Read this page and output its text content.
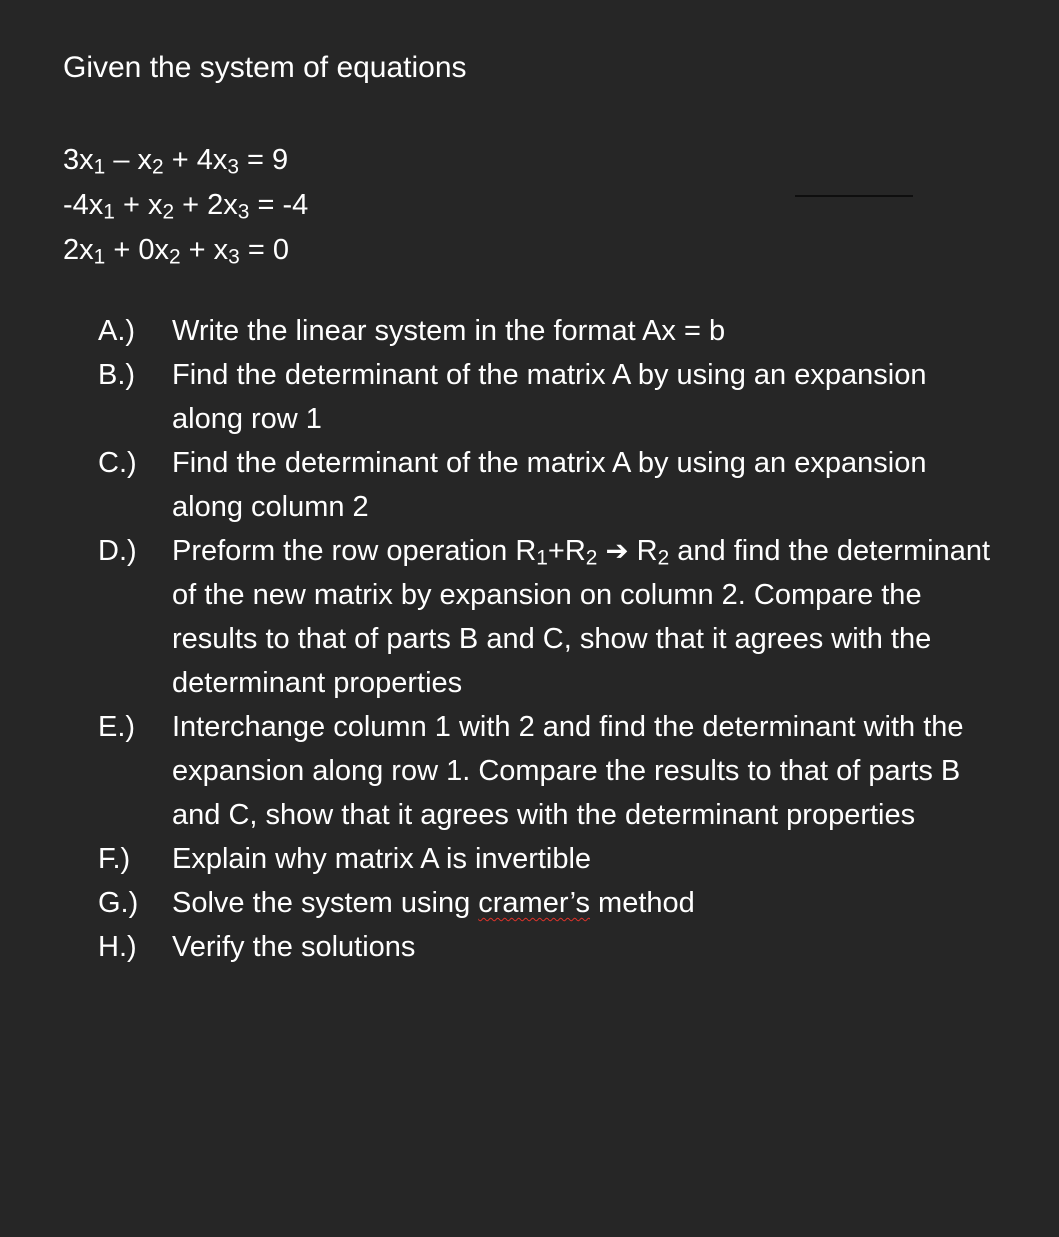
Given the system of equations

$3x_1 - x_2 + 4x_3 = 9$
$-4x_1 + x_2 + 2x_3 = -4$
$2x_1 + 0x_2 + x_3 = 0$
A.)	Write the linear system in the format Ax = b
B.)	Find the determinant of the matrix A by using an expansion along row 1
C.)	Find the determinant of the matrix A by using an expansion along column 2
D.)	Preform the row operation $R_1+R_2$ ➔ $R_2$ and find the determinant of the new matrix by expansion on column 2. Compare the results to that of parts B and C, show that it agrees with the determinant properties
E.)	Interchange column 1 with 2 and find the determinant with the expansion along row 1. Compare the results to that of parts B and C, show that it agrees with the determinant properties
F.)	Explain why matrix A is invertible
G.)	Solve the system using cramer’s method
H.)	Verify the solutions
